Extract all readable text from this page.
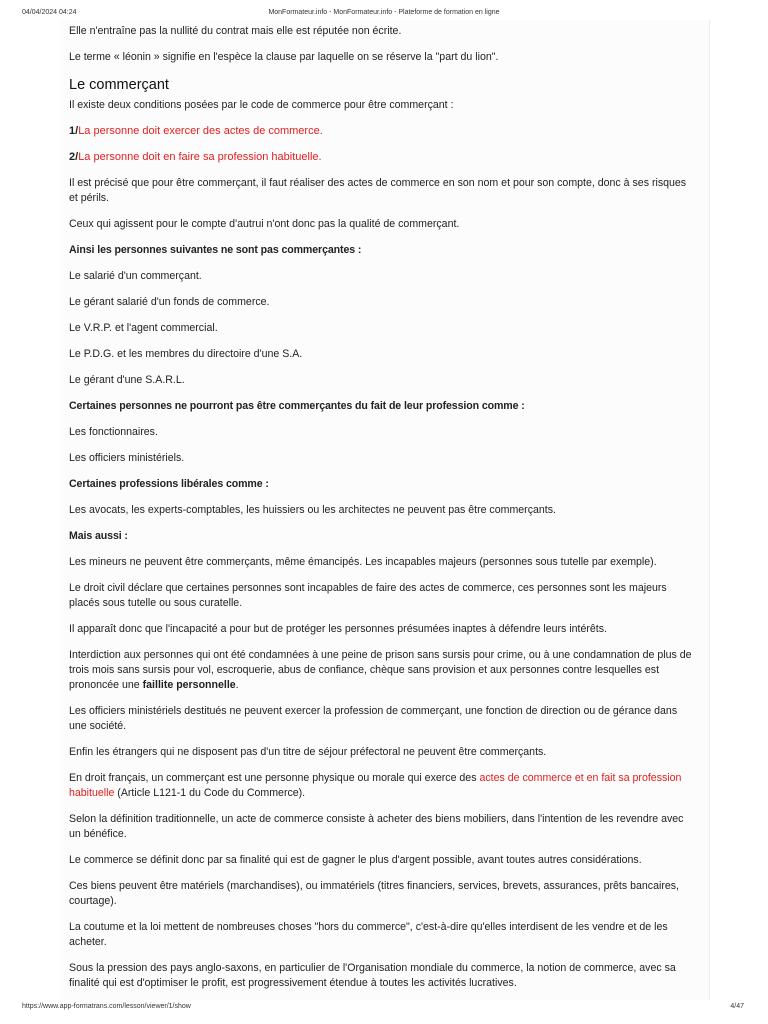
04/04/2024 04:24	MonFormateur.info - MonFormateur.info - Plateforme de formation en ligne

Elle n'entraîne pas la nullité du contrat mais elle est réputée non écrite.

Le terme « léonin » signifie en l'espèce la clause par laquelle on se réserve la "part du lion".

Le commerçant

Il existe deux conditions posées par le code de commerce pour être commerçant :

1/La personne doit exercer des actes de commerce.

2/La personne doit en faire sa profession habituelle.

Il est précisé que pour être commerçant, il faut réaliser des actes de commerce en son nom et pour son compte, donc à ses risques et périls.

Ceux qui agissent pour le compte d'autrui n'ont donc pas la qualité de commerçant.

Ainsi les personnes suivantes ne sont pas commerçantes :

Le salarié d'un commerçant.

Le gérant salarié d'un fonds de commerce.

Le V.R.P. et l'agent commercial.

Le P.D.G. et les membres du directoire d'une S.A.

Le gérant d'une S.A.R.L.

Certaines personnes ne pourront pas être commerçantes du fait de leur profession comme :

Les fonctionnaires.

Les officiers ministériels.

Certaines professions libérales comme :

Les avocats, les experts-comptables, les huissiers ou les architectes ne peuvent pas être commerçants.

Mais aussi :

Les mineurs ne peuvent être commerçants, même émancipés. Les incapables majeurs (personnes sous tutelle par exemple).

Le droit civil déclare que certaines personnes sont incapables de faire des actes de commerce, ces personnes sont les majeurs placés sous tutelle ou sous curatelle.

Il apparaît donc que l'incapacité a pour but de protéger les personnes présumées inaptes à défendre leurs intérêts.

Interdiction aux personnes qui ont été condamnées à une peine de prison sans sursis pour crime, ou à une condamnation de plus de trois mois sans sursis pour vol, escroquerie, abus de confiance, chèque sans provision et aux personnes contre lesquelles est prononcée une faillite personnelle.

Les officiers ministériels destitués ne peuvent exercer la profession de commerçant, une fonction de direction ou de gérance dans une société.

Enfin les étrangers qui ne disposent pas d'un titre de séjour préfectoral ne peuvent être commerçants.

En droit français, un commerçant est une personne physique ou morale qui exerce des actes de commerce et en fait sa profession habituelle (Article L121-1 du Code du Commerce).

Selon la définition traditionnelle, un acte de commerce consiste à acheter des biens mobiliers, dans l'intention de les revendre avec un bénéfice.

Le commerce se définit donc par sa finalité qui est de gagner le plus d'argent possible, avant toutes autres considérations.

Ces biens peuvent être matériels (marchandises), ou immatériels (titres financiers, services, brevets, assurances, prêts bancaires, courtage).

La coutume et la loi mettent de nombreuses choses "hors du commerce", c'est-à-dire qu'elles interdisent de les vendre et de les acheter.

Sous la pression des pays anglo-saxons, en particulier de l'Organisation mondiale du commerce, la notion de commerce, avec sa finalité qui est d'optimiser le profit, est progressivement étendue à toutes les activités lucratives.

https://www.app-formatrans.com/lesson/viewer/1/show	4/47
